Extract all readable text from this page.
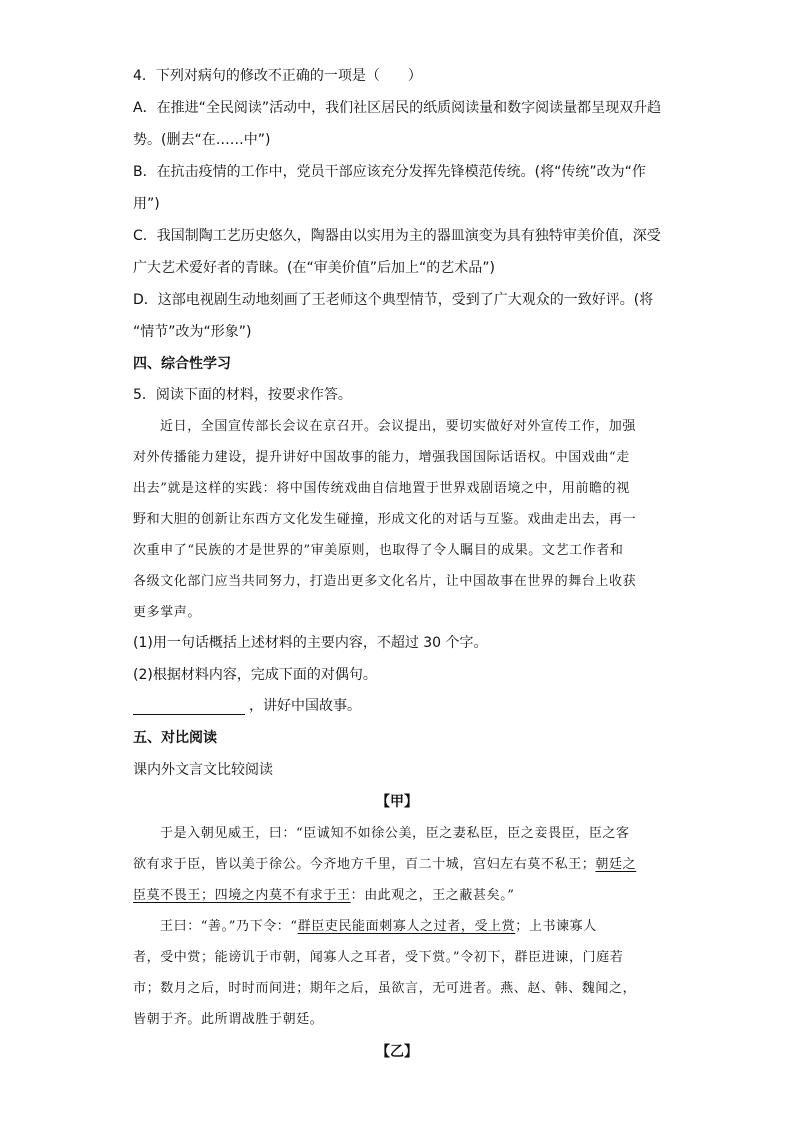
4．下列对病句的修改不正确的一项是（　　）
A．在推进“全民阅读”活动中，我们社区居民的纸质阅读量和数字阅读量都呈现双升趋
势。(删去“在……中”)
B．在抗击疫情的工作中，党员干部应该充分发挥先锋模范传统。(将“传统”改为“作
用”)
C．我国制陶工艺历史悠久，陶器由以实用为主的器皿演变为具有独特审美价值，深受
广大艺术爱好者的青睐。(在“审美价值”后加上“的艺术品”)
D．这部电视剧生动地刻画了王老师这个典型情节，受到了广大观众的一致好评。(将
“情节”改为“形象”)
四、综合性学习
5．阅读下面的材料，按要求作答。
近日，全国宣传部长会议在京召开。会议提出，要切实做好对外宣传工作，加强
对外传播能力建设，提升讲好中国故事的能力，增强我国国际话语权。中国戏曲“走
出去”就是这样的实践：将中国传统戏曲自信地置于世界戏剧语境之中，用前瞻的视
野和大胆的创新让东西方文化发生碰撞，形成文化的对话与互鉴。戏曲走出去，再一
次重申了“民族的才是世界的”审美原则，也取得了令人瞩目的成果。文艺工作者和
各级文化部门应当共同努力，打造出更多文化名片，让中国故事在世界的舞台上收获
更多掌声。
(1)用一句话概括上述材料的主要内容，不超过 30 个字。
(2)根据材料内容，完成下面的对偶句。
，讲好中国故事。
五、对比阅读
课内外文言文比较阅读
【甲】
于是入朝见威王，曰：“臣诚知不如徐公美，臣之妻私臣，臣之妾畏臣，臣之客
欲有求于臣，皆以美于徐公。今齐地方千里，百二十城，宫妇左右莫不私王；朝廷之
臣莫不畏王；四境之内莫不有求于王：由此观之，王之蔽甚矣。”
王曰：“善。”乃下令：“群臣吏民能面刺寡人之过者，受上赏；上书谏寡人
者，受中赏；能谤讥于市朝，闻寡人之耳者，受下赏。”令初下，群臣进谏，门庭若
市；数月之后，时时而间进；期年之后，虽欲言，无可进者。燕、赵、韩、魏闻之，
皆朝于齐。此所谓战胜于朝廷。
【乙】
